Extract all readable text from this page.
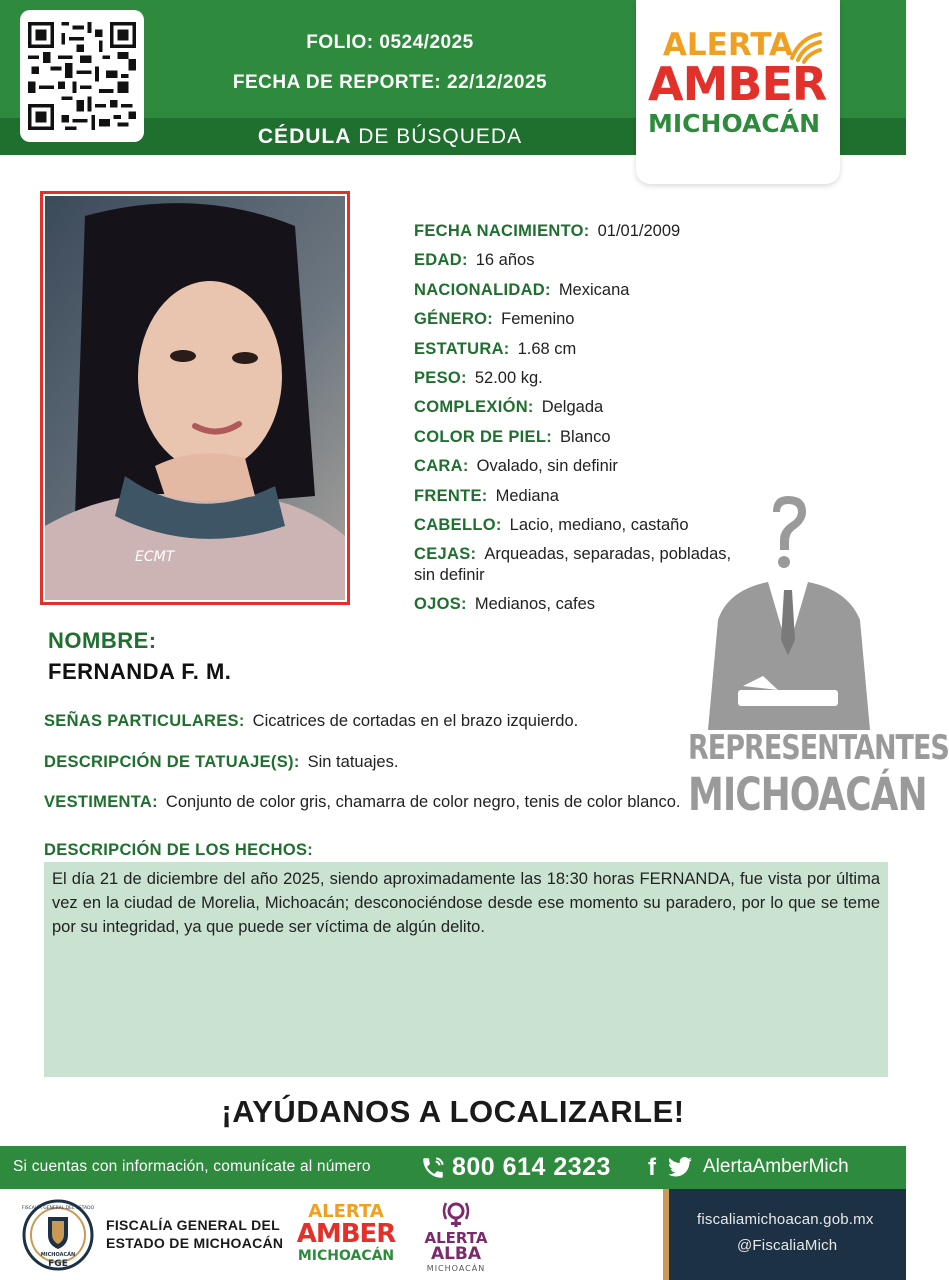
FOLIO: 0524/2025
FECHA DE REPORTE: 22/12/2025
CÉDULA DE BÚSQUEDA
ALERTA
AMBER
MICHOACÁN
ECMT
FECHA NACIMIENTO: 01/01/2009
EDAD: 16 años
NACIONALIDAD: Mexicana
GÉNERO: Femenino
ESTATURA: 1.68 cm
PESO: 52.00 kg.
COMPLEXIÓN: Delgada
COLOR DE PIEL: Blanco
CARA: Ovalado, sin definir
FRENTE: Mediana
CABELLO: Lacio, mediano, castaño
CEJAS: Arqueadas, separadas, pobladas, sin definir
OJOS: Medianos, cafes
REPRESENTANTES
MICHOACÁN
NOMBRE:
FERNANDA F. M.
SEÑAS PARTICULARES: Cicatrices de cortadas en el brazo izquierdo.
DESCRIPCIÓN DE TATUAJE(S): Sin tatuajes.
VESTIMENTA: Conjunto de color gris, chamarra de color negro, tenis de color blanco.
DESCRIPCIÓN DE LOS HECHOS:
El día 21 de diciembre del año 2025, siendo aproximadamente las 18:30 horas FERNANDA, fue vista por última vez en la ciudad de Morelia, Michoacán; desconociéndose desde ese momento su paradero, por lo que se teme por su integridad, ya que puede ser víctima de algún delito.
¡AYÚDANOS A LOCALIZARLE!
Si cuentas con información, comunícate al número	800 614 2323 f AlertaAmberMich
FISCALÍA GENERAL DEL ESTADO
MICHOACÁN
FGE
FISCALÍA GENERAL DEL
ESTADO DE MICHOACÁN
ALERTA
AMBER
MICHOACÁN
ALERTA
ALBA
MICHOACÁN
fiscaliamichoacan.gob.mx
@FiscaliaMich
